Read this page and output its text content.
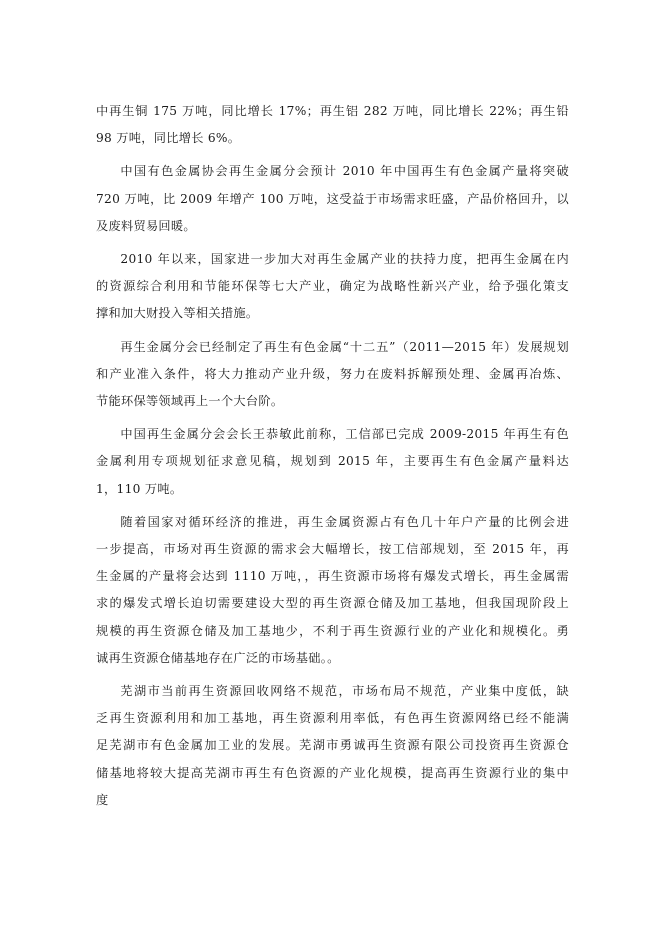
中再生铜 175 万吨，同比增长 17%；再生铝 282 万吨，同比增长 22%；再生铅
98 万吨，同比增长 6%。

中国有色金属协会再生金属分会预计 2010 年中国再生有色金属产量将突破
720 万吨，比 2009 年增产 100 万吨，这受益于市场需求旺盛，产品价格回升，以
及废料贸易回暖。

2010 年以来，国家进一步加大对再生金属产业的扶持力度，把再生金属在内
的资源综合利用和节能环保等七大产业，确定为战略性新兴产业，给予强化策支
撑和加大财投入等相关措施。

再生金属分会已经制定了再生有色金属“十二五”（2011—2015 年）发展规划
和产业准入条件，将大力推动产业升级，努力在废料拆解预处理、金属再冶炼、
节能环保等领域再上一个大台阶。

中国再生金属分会会长王恭敏此前称，工信部已完成 2009-2015 年再生有色
金属利用专项规划征求意见稿，规划到 2015 年，主要再生有色金属产量料达
1，110 万吨。

随着国家对循环经济的推进，再生金属资源占有色几十年户产量的比例会进
一步提高，市场对再生资源的需求会大幅增长，按工信部规划，至 2015 年，再
生金属的产量将会达到 1110 万吨，，再生资源市场将有爆发式增长，再生金属需
求的爆发式增长迫切需要建设大型的再生资源仓储及加工基地，但我国现阶段上
规模的再生资源仓储及加工基地少，不利于再生资源行业的产业化和规模化。勇
诚再生资源仓储基地存在广泛的市场基础。。

芜湖市当前再生资源回收网络不规范，市场布局不规范，产业集中度低，缺
乏再生资源利用和加工基地，再生资源利用率低，有色再生资源网络已经不能满
足芜湖市有色金属加工业的发展。芜湖市勇诚再生资源有限公司投资再生资源仓
储基地将较大提高芜湖市再生有色资源的产业化规模，提高再生资源行业的集中
度
